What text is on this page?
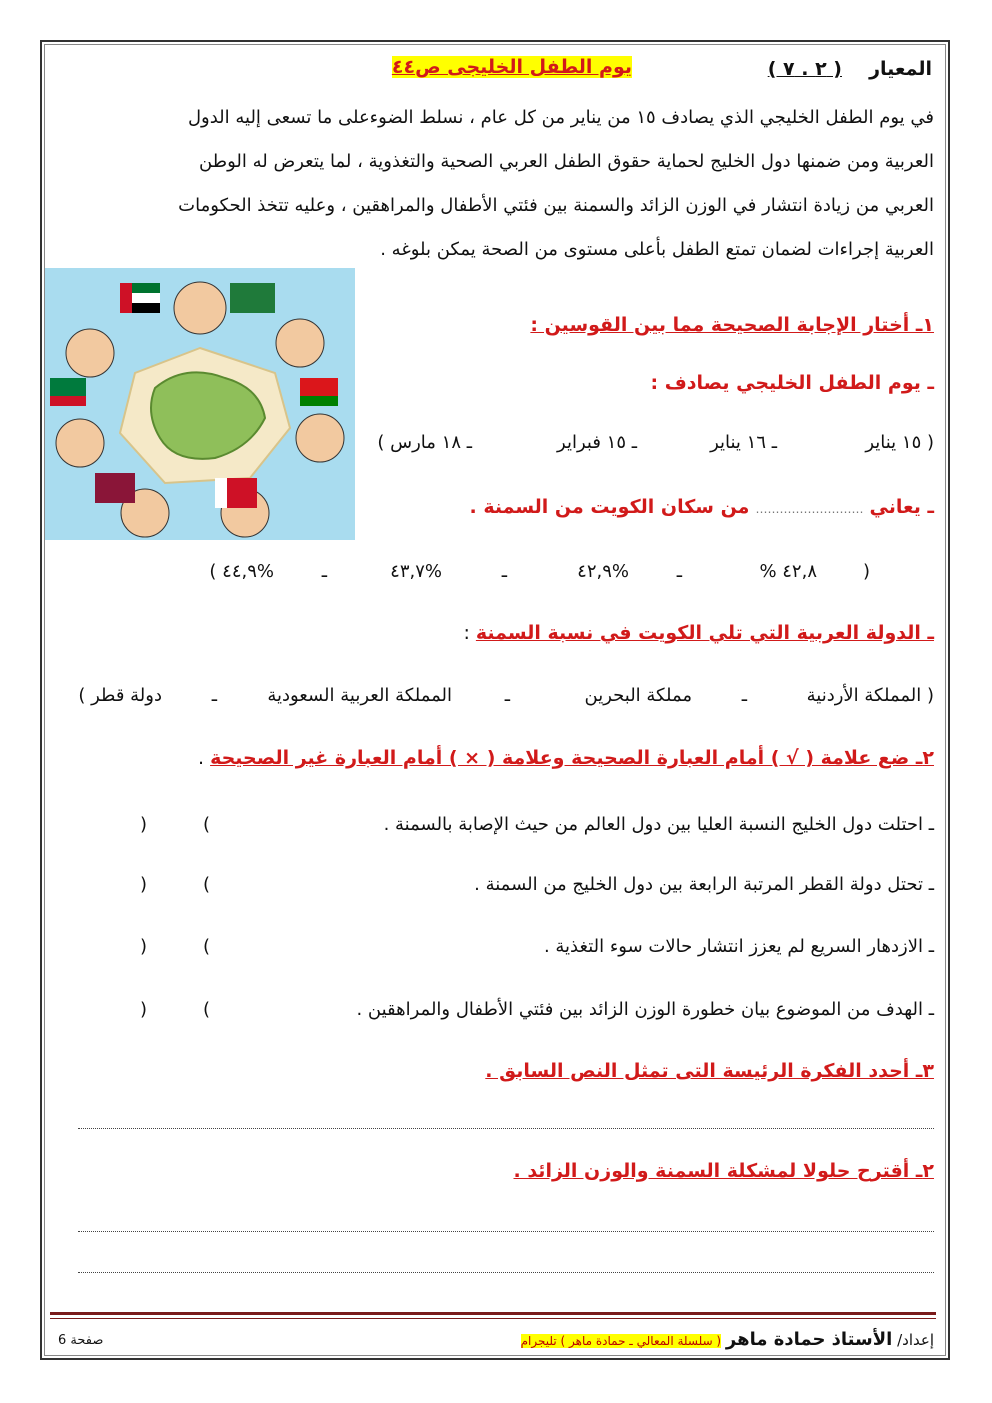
المعيار
( ٢ . ٧ )
يوم الطفل الخليجى ص٤٤

في يوم الطفل الخليجي الذي يصادف ١٥ من يناير من كل عام ، نسلط الضوءعلى ما تسعى إليه الدول

العربية ومن ضمنها دول الخليج لحماية حقوق الطفل العربي الصحية والتغذوية ، لما يتعرض له الوطن

العربي من زيادة انتشار في الوزن الزائد والسمنة بين فئتي الأطفال والمراهقين ، وعليه تتخذ الحكومات

العربية إجراءات لضمان تمتع الطفل بأعلى مستوى من الصحة يمكن بلوغه .

١ـ أختار الإجابة الصحيحة مما بين القوسين :
ـ يوم الطفل الخليجي يصادف :
( ١٥ يناير
ـ ١٦ يناير
ـ ١٥ فبراير
ـ ١٨ مارس )
ـ يعاني ……………………… من سكان الكويت من السمنة .
(
٤٢,٨ %
ـ
%٤٢,٩
ـ
%٤٣,٧
ـ
%٤٤,٩ )
ـ الدولة العربية التي تلي الكويت في نسبة السمنة :
( المملكة الأردنية
ـ
مملكة البحرين
ـ
المملكة العربية السعودية
ـ
دولة قطر )
٢ـ ضع علامة ( √ ) أمام العبارة الصحيحة وعلامة ( × ) أمام العبارة غير الصحيحة .
ـ احتلت دول الخليج النسبة العليا بين دول العالم من حيث الإصابة بالسمنة .
)
(
ـ تحتل دولة القطر المرتبة الرابعة بين دول الخليج من السمنة .
)
(
ـ الازدهار السريع لم يعزز انتشار حالات سوء التغذية .
)
(
ـ الهدف من الموضوع بيان خطورة الوزن الزائد بين فئتي الأطفال والمراهقين .
)
(
٣ـ أحدد الفكرة الرئيسة التى تمثل النص السابق .
٢ـ أقترح حلولا لمشكلة السمنة والوزن الزائد .
إعداد/ الأستاذ حمادة ماهر ( سلسلة المعالي ـ حمادة ماهر ) تليجرام
صفحة 6
